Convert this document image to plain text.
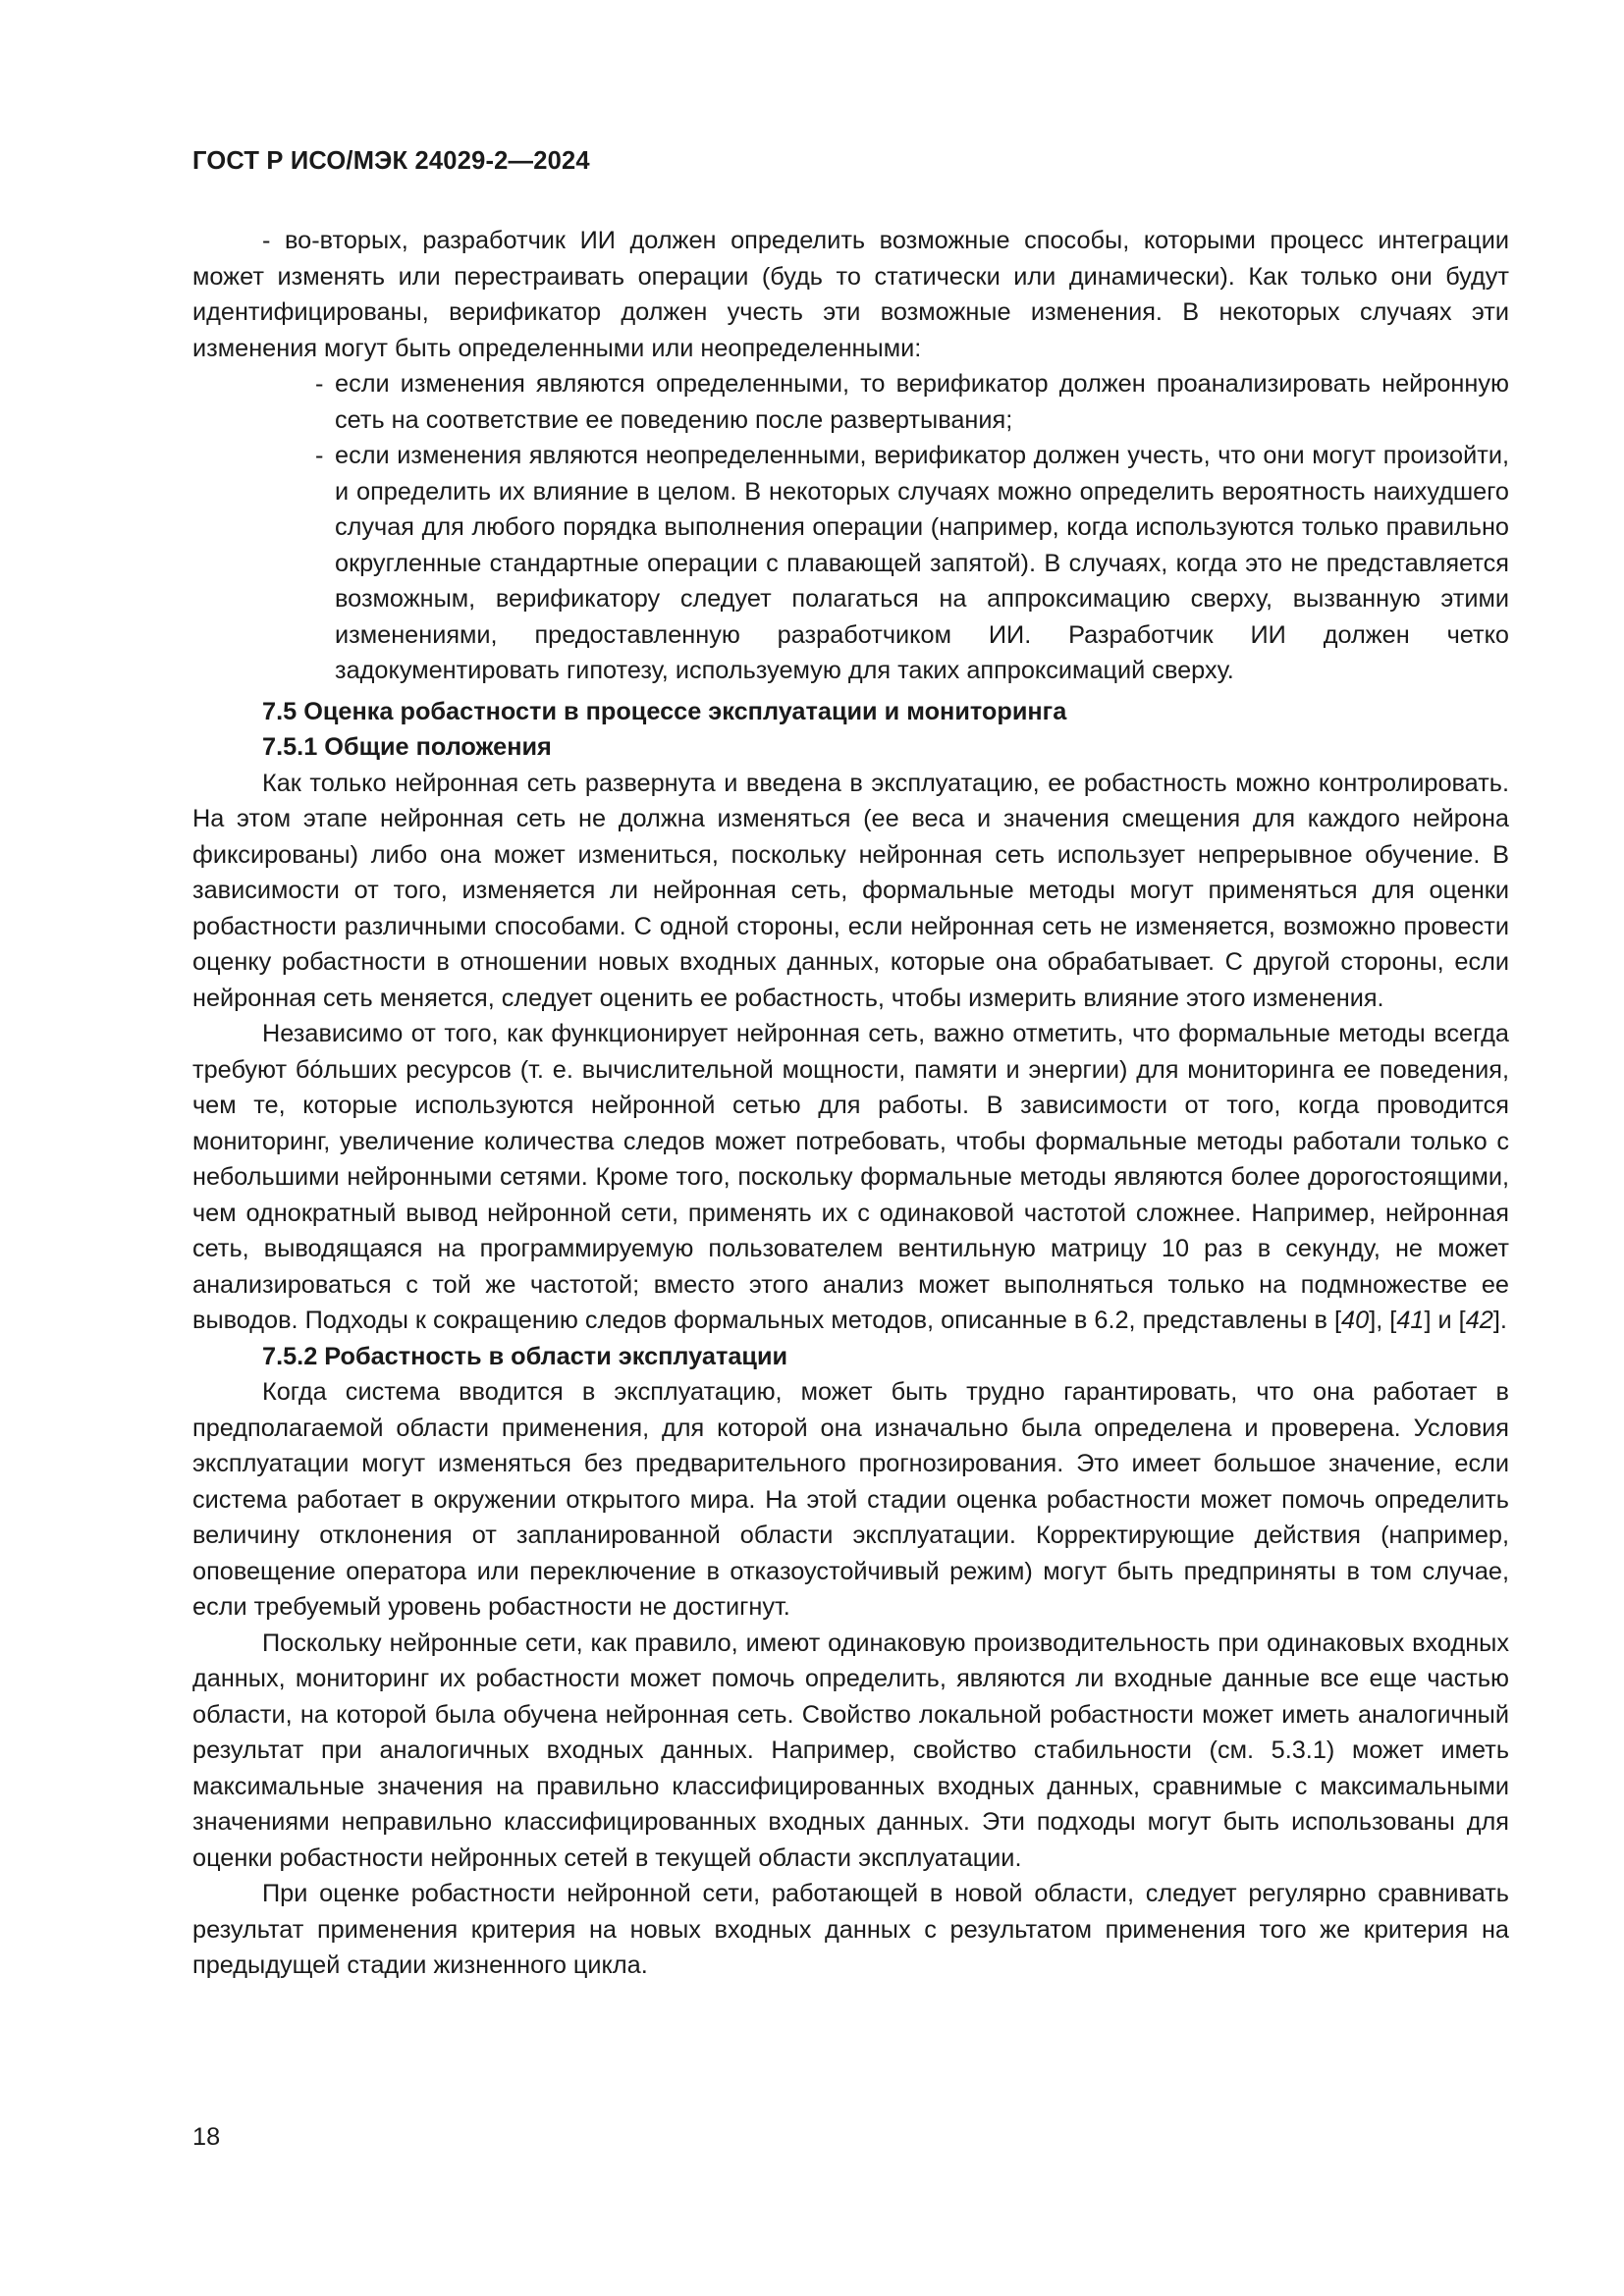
ГОСТ Р ИСО/МЭК 24029-2—2024

- во-вторых, разработчик ИИ должен определить возможные способы, которыми процесс интеграции может изменять или перестраивать операции (будь то статически или динамически). Как только они будут идентифицированы, верификатор должен учесть эти возможные изменения. В некоторых случаях эти изменения могут быть определенными или неопределенными:

- если изменения являются определенными, то верификатор должен проанализировать нейронную сеть на соответствие ее поведению после развертывания;
- если изменения являются неопределенными, верификатор должен учесть, что они могут произойти, и определить их влияние в целом. В некоторых случаях можно определить вероятность наихудшего случая для любого порядка выполнения операции (например, когда используются только правильно округленные стандартные операции с плавающей запятой). В случаях, когда это не представляется возможным, верификатору следует полагаться на аппроксимацию сверху, вызванную этими изменениями, предоставленную разработчиком ИИ. Разработчик ИИ должен четко задокументировать гипотезу, используемую для таких аппроксимаций сверху.

7.5 Оценка робастности в процессе эксплуатации и мониторинга

7.5.1 Общие положения

Как только нейронная сеть развернута и введена в эксплуатацию, ее робастность можно контролировать. На этом этапе нейронная сеть не должна изменяться (ее веса и значения смещения для каждого нейрона фиксированы) либо она может измениться, поскольку нейронная сеть использует непрерывное обучение. В зависимости от того, изменяется ли нейронная сеть, формальные методы могут применяться для оценки робастности различными способами. С одной стороны, если нейронная сеть не изменяется, возможно провести оценку робастности в отношении новых входных данных, которые она обрабатывает. С другой стороны, если нейронная сеть меняется, следует оценить ее робастность, чтобы измерить влияние этого изменения.

Независимо от того, как функционирует нейронная сеть, важно отметить, что формальные методы всегда требуют бо́льших ресурсов (т. е. вычислительной мощности, памяти и энергии) для мониторинга ее поведения, чем те, которые используются нейронной сетью для работы. В зависимости от того, когда проводится мониторинг, увеличение количества следов может потребовать, чтобы формальные методы работали только с небольшими нейронными сетями. Кроме того, поскольку формальные методы являются более дорогостоящими, чем однократный вывод нейронной сети, применять их с одинаковой частотой сложнее. Например, нейронная сеть, выводящаяся на программируемую пользователем вентильную матрицу 10 раз в секунду, не может анализироваться с той же частотой; вместо этого анализ может выполняться только на подмножестве ее выводов. Подходы к сокращению следов формальных методов, описанные в 6.2, представлены в [40], [41] и [42].

7.5.2 Робастность в области эксплуатации

Когда система вводится в эксплуатацию, может быть трудно гарантировать, что она работает в предполагаемой области применения, для которой она изначально была определена и проверена. Условия эксплуатации могут изменяться без предварительного прогнозирования. Это имеет большое значение, если система работает в окружении открытого мира. На этой стадии оценка робастности может помочь определить величину отклонения от запланированной области эксплуатации. Корректирующие действия (например, оповещение оператора или переключение в отказоустойчивый режим) могут быть предприняты в том случае, если требуемый уровень робастности не достигнут.

Поскольку нейронные сети, как правило, имеют одинаковую производительность при одинаковых входных данных, мониторинг их робастности может помочь определить, являются ли входные данные все еще частью области, на которой была обучена нейронная сеть. Свойство локальной робастности может иметь аналогичный результат при аналогичных входных данных. Например, свойство стабильности (см. 5.3.1) может иметь максимальные значения на правильно классифицированных входных данных, сравнимые с максимальными значениями неправильно классифицированных входных данных. Эти подходы могут быть использованы для оценки робастности нейронных сетей в текущей области эксплуатации.

При оценке робастности нейронной сети, работающей в новой области, следует регулярно сравнивать результат применения критерия на новых входных данных с результатом применения того же критерия на предыдущей стадии жизненного цикла.

18
